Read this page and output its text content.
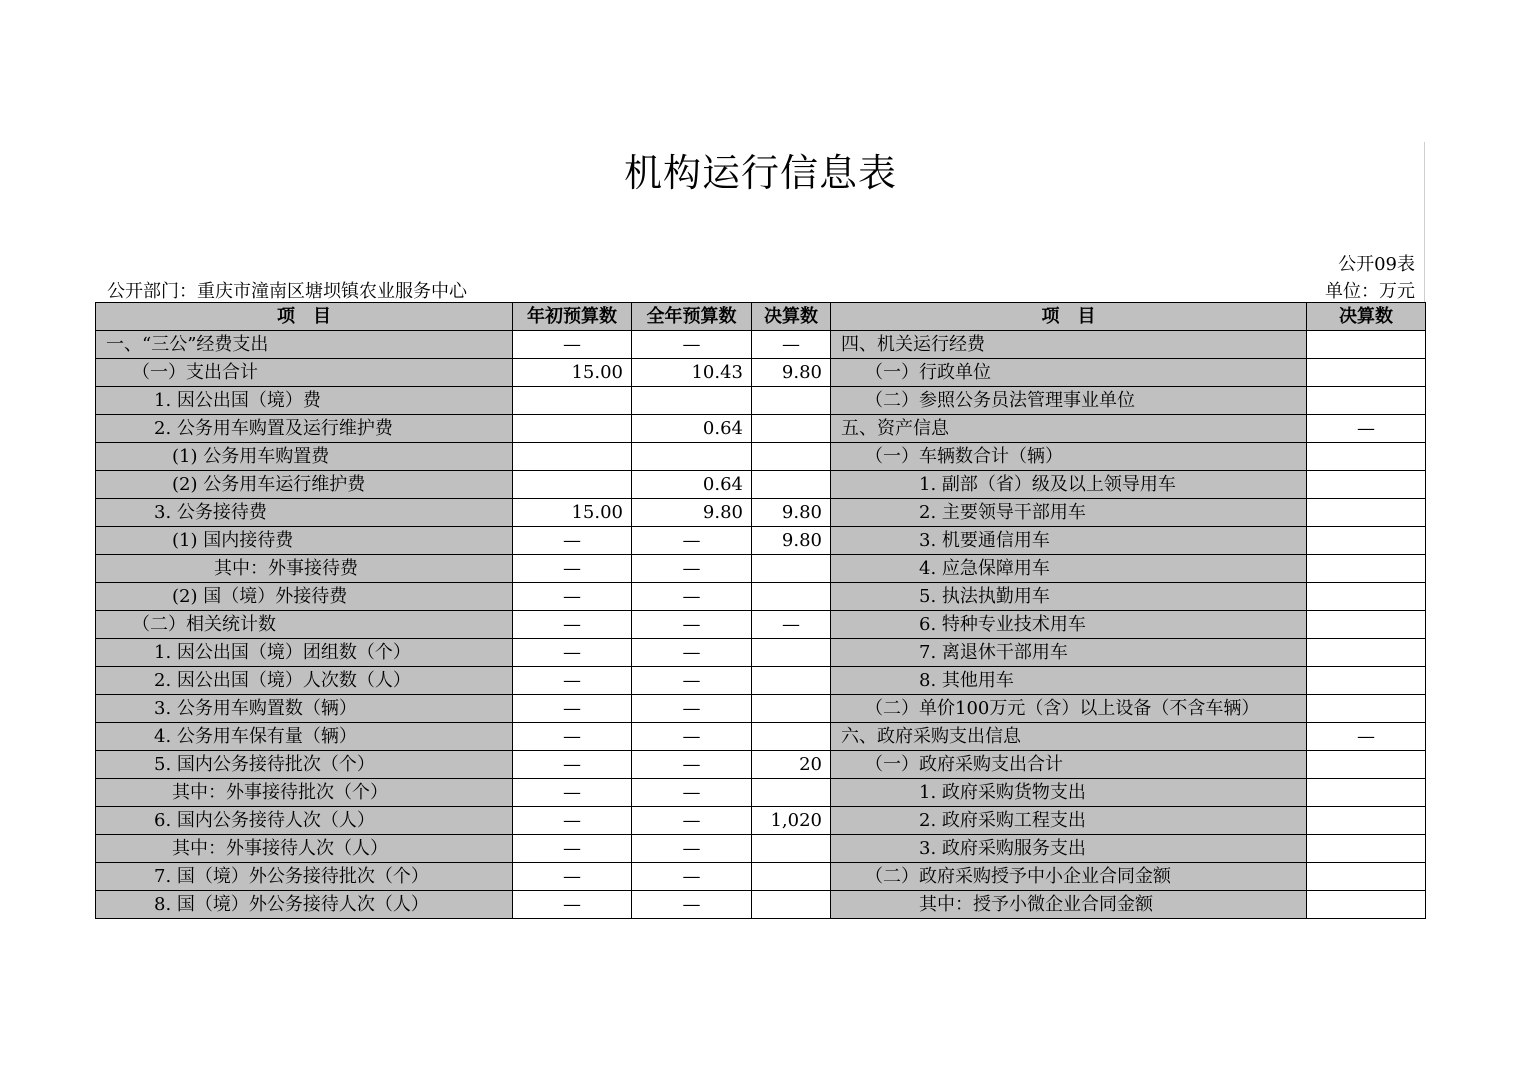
机构运行信息表
公开09表
公开部门：重庆市潼南区塘坝镇农业服务中心	单位：万元
项　目	年初预算数	全年预算数	决算数	项　目	决算数
一、“三公”经费支出	—	—	—	四、机关运行经费	
（一）支出合计	15.00	10.43	9.80	（一）行政单位	
1. 因公出国（境）费				（二）参照公务员法管理事业单位	
2. 公务用车购置及运行维护费		0.64		五、资产信息	—
(1) 公务用车购置费				（一）车辆数合计（辆）	
(2) 公务用车运行维护费		0.64		1. 副部（省）级及以上领导用车	
3. 公务接待费	15.00	9.80	9.80	2. 主要领导干部用车	
(1) 国内接待费	—	—	9.80	3. 机要通信用车	
其中：外事接待费	—	—		4. 应急保障用车	
(2) 国（境）外接待费	—	—		5. 执法执勤用车	
（二）相关统计数	—	—	—	6. 特种专业技术用车	
1. 因公出国（境）团组数（个）	—	—		7. 离退休干部用车	
2. 因公出国（境）人次数（人）	—	—		8. 其他用车	
3. 公务用车购置数（辆）	—	—		（二）单价100万元（含）以上设备（不含车辆）	
4. 公务用车保有量（辆）	—	—		六、政府采购支出信息	—
5. 国内公务接待批次（个）	—	—	20	（一）政府采购支出合计	
其中：外事接待批次（个）	—	—		1. 政府采购货物支出	
6. 国内公务接待人次（人）	—	—	1,020	2. 政府采购工程支出	
其中：外事接待人次（人）	—	—		3. 政府采购服务支出	
7. 国（境）外公务接待批次（个）	—	—		（二）政府采购授予中小企业合同金额	
8. 国（境）外公务接待人次（人）	—	—		其中：授予小微企业合同金额	
